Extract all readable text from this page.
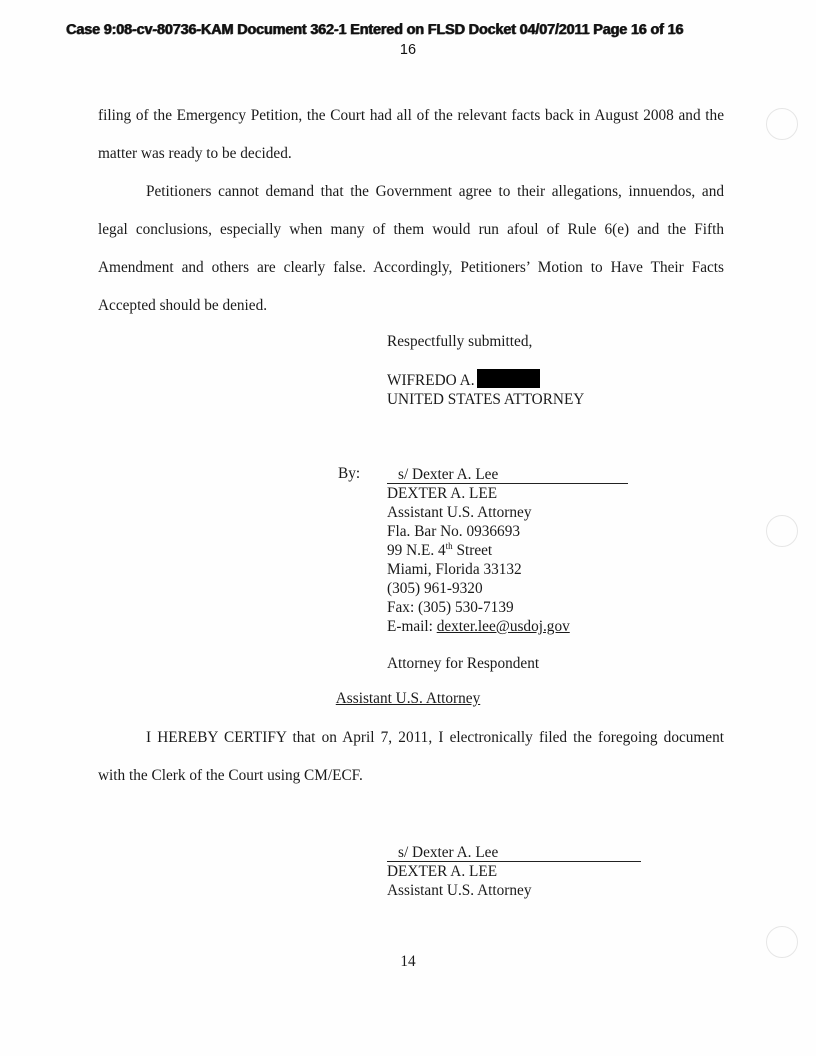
Case 9:08-cv-80736-KAM Document 362-1 Entered on FLSD Docket 04/07/2011 Page 16 of 16
16

filing of the Emergency Petition, the Court had all of the relevant facts back in August 2008 and the matter was ready to be decided.

Petitioners cannot demand that the Government agree to their allegations, innuendos, and legal conclusions, especially when many of them would run afoul of Rule 6(e) and the Fifth Amendment and others are clearly false. Accordingly, Petitioners’ Motion to Have Their Facts Accepted should be denied.

Respectfully submitted,
WIFREDO A.
UNITED STATES ATTORNEY
By:	s/ Dexter A. Lee
DEXTER A. LEE
Assistant U.S. Attorney
Fla. Bar No. 0936693
99 N.E. 4th Street
Miami, Florida 33132
(305) 961-9320
Fax: (305) 530-7139
E-mail: dexter.lee@usdoj.gov
Attorney for Respondent
Assistant U.S. Attorney

I HEREBY CERTIFY that on April 7, 2011, I electronically filed the foregoing document with the Clerk of the Court using CM/ECF.

s/ Dexter A. Lee
DEXTER A. LEE
Assistant U.S. Attorney
14
